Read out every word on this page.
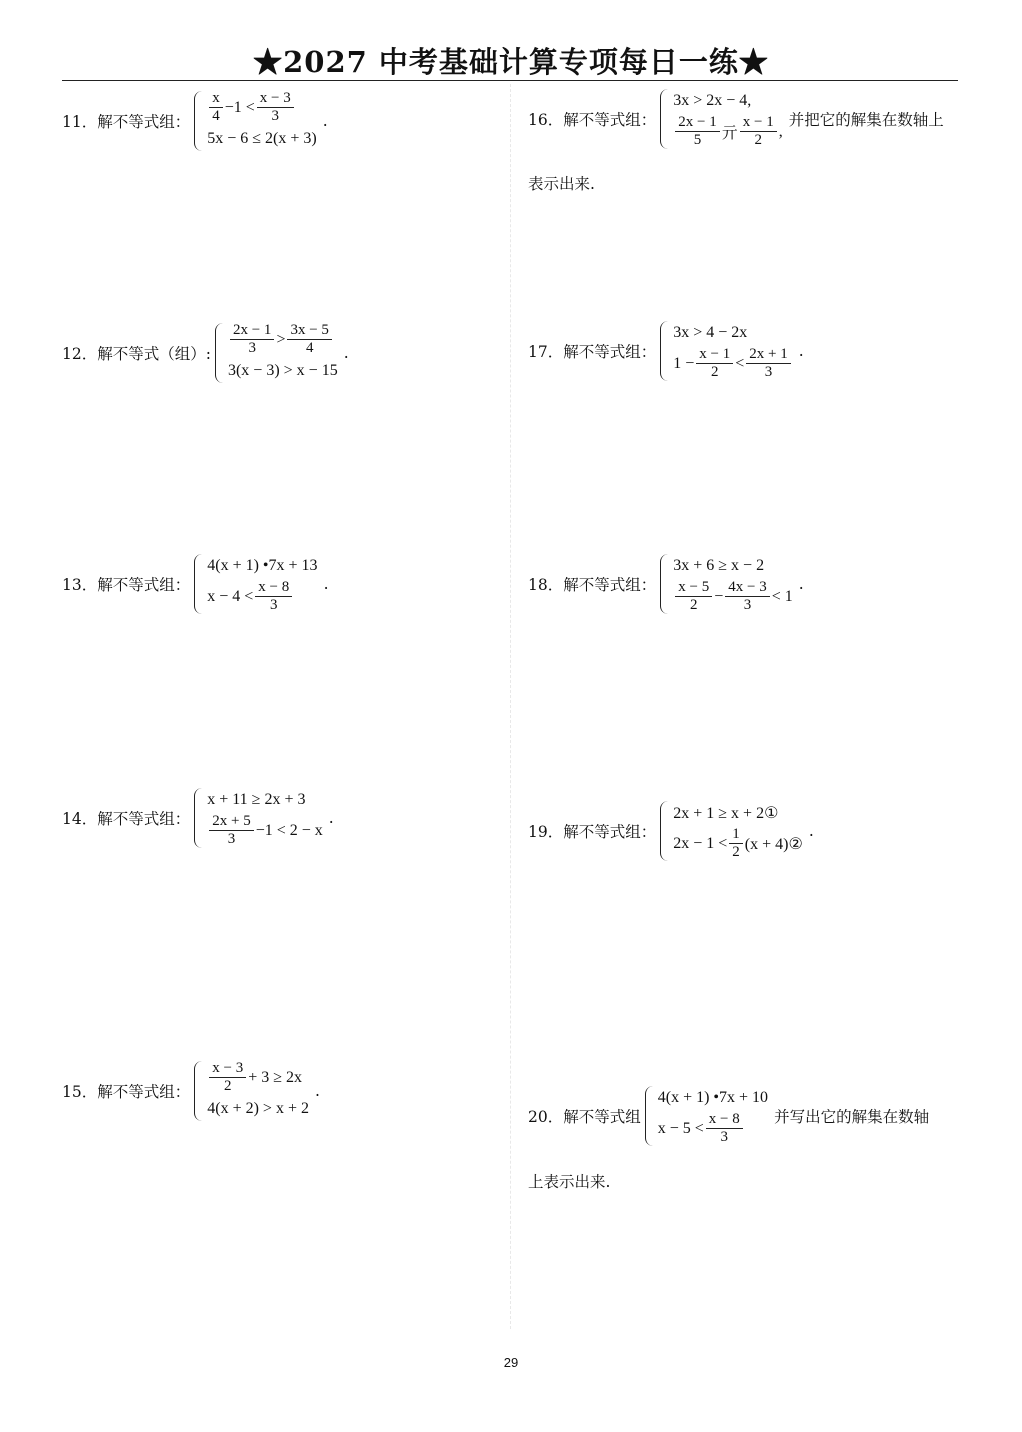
★2027 中考基础计算专项每日一练★
11． 解不等式组： $\frac{x}{4} -1 < \frac{x - 3}{3}$
5x − 6 ≤ 2(x + 3)
.
12． 解不等式（组）: $\frac{2x - 1}{3} > \frac{3x - 5}{4}$
3(x − 3) > x − 15
.
13． 解不等式组：
4(x + 1) •7x + 13
$x - 4 < \frac{x - 8}{3}$ .
14． 解不等式组：
x + 11 ≥ 2x + 3
$\frac{2x + 5}{3} -1 < 2 - x$
.
15． 解不等式组： $\frac{x - 3}{2} + 3 \ge 2x$
4(x + 2) > x + 2
.
16． 解不等式组：
3x > 2x − 4,
$\frac{2x - 1}{5}$ 亓 $\frac{x - 1}{2}$ ,
并把它的解集在数轴上
表示出来.
17． 解不等式组：
3x > 4 − 2x
$1 - \frac{x - 1}{2} < \frac{2x + 1}{3}$ .
18． 解不等式组：
3x + 6 ≥ x − 2
$\frac{x - 5}{2} - \frac{4x - 3}{3} < 1$
.
19． 解不等式组：
2x + 1 ≥ x + 2①
$2x - 1 < \frac{1}{2} (x$ + 4)②
.
20． 解不等式组
4(x + 1) •7x + 10
$x - 5 < \frac{x - 8}{3}$ 并写出它的解集在数轴
上表示出来.
29
